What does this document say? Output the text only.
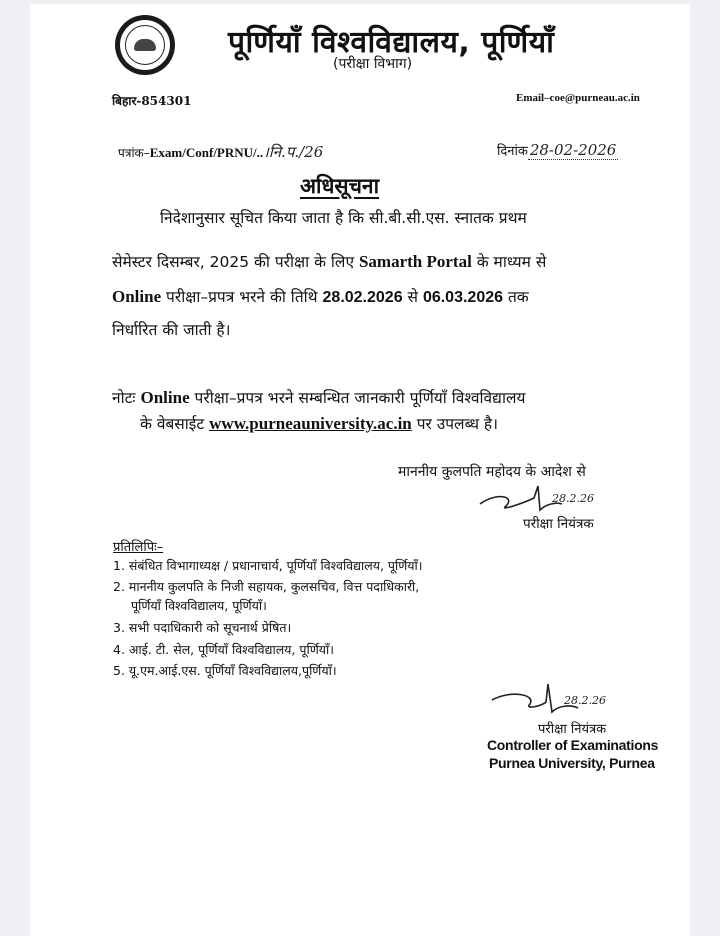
पूर्णियाँ विश्वविद्यालय, पूर्णियाँ
(परीक्षा विभाग)
बिहार-854301	Email–coe@purneau.ac.in
पत्रांक–Exam/Conf/PRNU/..।नि.प./26	दिनांक 28-02-2026
अधिसूचना
निदेशानुसार सूचित किया जाता है कि सी.बी.सी.एस. स्नातक प्रथम
सेमेस्टर दिसम्बर, 2025 की परीक्षा के लिए Samarth Portal के माध्यम से
Online परीक्षा–प्रपत्र भरने की तिथि 28.02.2026 से 06.03.2026 तक
निर्धारित की जाती है।
नोटः Online परीक्षा–प्रपत्र भरने सम्बन्धित जानकारी पूर्णियाँ विश्वविद्यालय
के वेबसाईट www.purneauniversity.ac.in पर उपलब्ध है।
माननीय कुलपति महोदय के आदेश से
28.2.26
परीक्षा नियंत्रक
प्रतिलिपिः–
1. संबंधित विभागाध्यक्ष / प्रधानाचार्य, पूर्णियाँ विश्वविद्यालय, पूर्णियाँ।
2. माननीय कुलपति के निजी सहायक, कुलसचिव, वित्त पदाधिकारी,
पूर्णियाँ विश्वविद्यालय, पूर्णियाँ।
3. सभी पदाधिकारी को सूचनार्थ प्रेषित।
4. आई. टी. सेल, पूर्णियाँ विश्वविद्यालय, पूर्णियाँ।
5. यू.एम.आई.एस. पूर्णियाँ विश्वविद्यालय,पूर्णियाँ।
28.2.26
परीक्षा नियंत्रक
Controller of Examinations
Purnea University, Purnea
